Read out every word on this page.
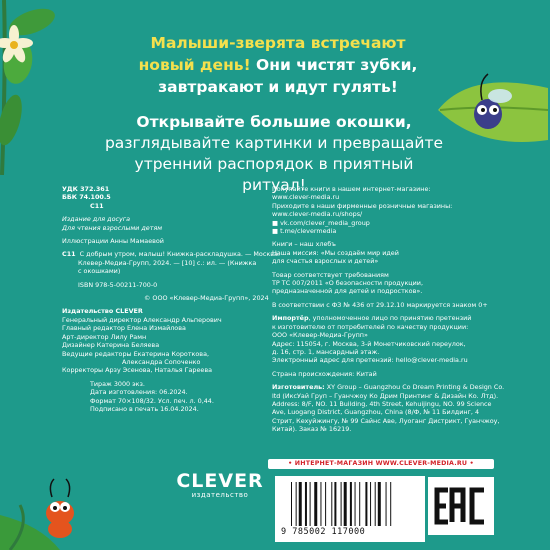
Малыши-зверята встречают
новый день! Они чистят зубки,
завтракают и идут гулять!
Открывайте большие окошки,
разглядывайте картинки и превращайте
утренний распорядок в приятный ритуал!
УДК 372.361
ББК 74.100.5
С11
Издание для досуга
Для чтения взрослыми детям
Иллюстрации Анны Мамаевой
С11 С добрым утром, малыш! Книжка-раскладушка. — Москва:
Клевер-Медиа-Групп, 2024. — [10] с.: ил. — (Книжка
с окошками)
ISBN 978-5-00211-700-0
© ООО «Клевер-Медиа-Групп», 2024
Издательство CLEVER
Генеральный директор Александр Альперович
Главный редактор Елена Измайлова
Арт-директор Лилу Рамн
Дизайнер Катерина Беляева
Ведущие редакторы Екатерина Короткова,
Александра Сопоченко
Корректоры Арзу Эсенова, Наталья Гареева
Тираж 3000 экз.
Дата изготовления: 06.2024.
Формат 70×108/32. Усл. печ. л. 0,44.
Подписано в печать 16.04.2024.
Покупайте книги в нашем интернет-магазине:
www.clever-media.ru
Приходите в наши фирменные розничные магазины:
www.clever-media.ru/shops/
■ vk.com/clever_media_group
■ t.me/clevermedia
Книги – наш хлебъ
Наша миссия: «Мы создаём мир идей
для счастья взрослых и детей»
Товар соответствует требованиям
ТР ТС 007/2011 «О безопасности продукции,
предназначенной для детей и подростков».
В соответствии с ФЗ № 436 от 29.12.10 маркируется знаком 0+
Импортёр, уполномоченное лицо по принятию претензий
к изготовителю от потребителей по качеству продукции:
ООО «Клевер-Медиа-Групп»
Адрес: 115054, г. Москва, 3-й Монетчиковский переулок,
д. 16, стр. 1, мансардный этаж.
Электронный адрес для претензий: hello@clever-media.ru
Страна происхождения: Китай
Изготовитель: XY Group – Guangzhou Co Dream Printing & Design Co.
ltd (ИксУай Груп – Гуанчжоу Ко Дрим Принтинг & Дизайн Ко. Лтд).
Address: 8/F, NO. 11 Building, 4th Street, Kehuijingu, NO. 99 Science
Ave, Luogang District, Guangzhou, China (8/Ф, № 11 Билдинг, 4
Стрит, Кехуйжингу, № 99 Сайнс Аве, Луоганг Дистрикт, Гуанчжоу,
Китай). Заказ № 16219.
• ИНТЕРНЕТ-МАГАЗИН WWW.CLEVER-MEDIA.RU •
CLEVER
издательство
9 785002 117000
